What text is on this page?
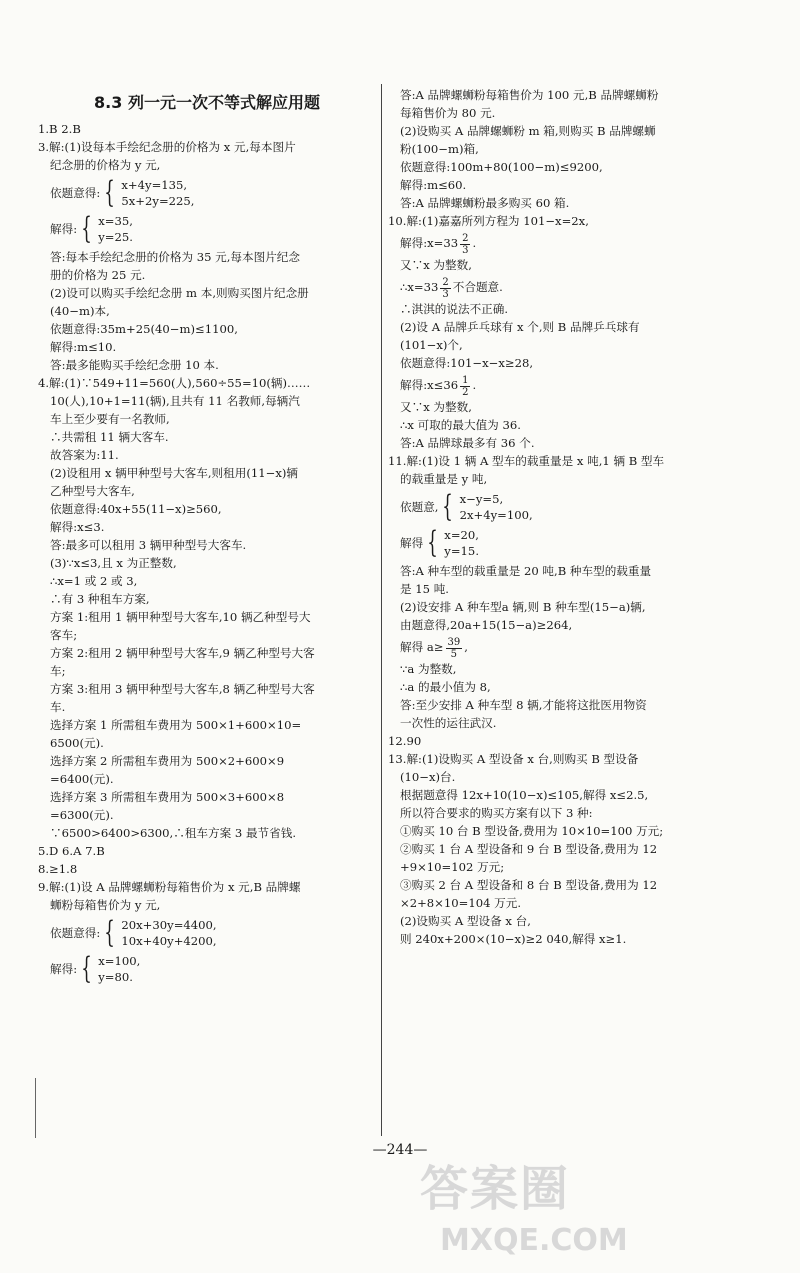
8.3 列一元一次不等式解应用题
1.B 2.B
3.解:(1)设每本手绘纪念册的价格为 x 元,每本图片
纪念册的价格为 y 元,
依题意得: { x+4y=135,
5x+2y=225,
解得: { x=35,
y=25.
答:每本手绘纪念册的价格为 35 元,每本图片纪念
册的价格为 25 元.
(2)设可以购买手绘纪念册 m 本,则购买图片纪念册
(40−m)本,
依题意得:35m+25(40−m)≤1100,
解得:m≤10.
答:最多能购买手绘纪念册 10 本.
4.解:(1)∵549+11=560(人),560÷55=10(辆)……
10(人),10+1=11(辆),且共有 11 名教师,每辆汽
车上至少要有一名教师,
∴共需租 11 辆大客车.
故答案为:11.
(2)设租用 x 辆甲种型号大客车,则租用(11−x)辆
乙种型号大客车,
依题意得:40x+55(11−x)≥560,
解得:x≤3.
答:最多可以租用 3 辆甲种型号大客车.
(3)∵x≤3,且 x 为正整数,
∴x=1 或 2 或 3,
∴有 3 种租车方案,
方案 1:租用 1 辆甲种型号大客车,10 辆乙种型号大
客车;
方案 2:租用 2 辆甲种型号大客车,9 辆乙种型号大客
车;
方案 3:租用 3 辆甲种型号大客车,8 辆乙种型号大客
车.
选择方案 1 所需租车费用为 500×1+600×10=
6500(元).
选择方案 2 所需租车费用为 500×2+600×9
=6400(元).
选择方案 3 所需租车费用为 500×3+600×8
=6300(元).
∵6500>6400>6300,∴租车方案 3 最节省钱.
5.D 6.A 7.B
8.≥1.8
9.解:(1)设 A 品牌螺蛳粉每箱售价为 x 元,B 品牌螺
蛳粉每箱售价为 y 元,
依题意得: { 20x+30y=4400,
10x+40y+4200,
解得: { x=100,
y=80.
答:A 品牌螺蛳粉每箱售价为 100 元,B 品牌螺蛳粉
每箱售价为 80 元.
(2)设购买 A 品牌螺蛳粉 m 箱,则购买 B 品牌螺蛳
粉(100−m)箱,
依题意得:100m+80(100−m)≤9200,
解得:m≤60.
答:A 品牌螺蛳粉最多购买 60 箱.
10.解:(1)嘉嘉所列方程为 101−x=2x,
解得:x=33 $\frac{2}{3}$ .
又∵x 为整数,
∴x=33 $\frac{2}{3}$ 不合题意.
∴淇淇的说法不正确.
(2)设 A 品牌乒乓球有 x 个,则 B 品牌乒乓球有
(101−x)个,
依题意得:101−x−x≥28,
解得:x≤36 $\frac{1}{2}$ .
又∵x 为整数,
∴x 可取的最大值为 36.
答:A 品牌球最多有 36 个.
11.解:(1)设 1 辆 A 型车的载重量是 x 吨,1 辆 B 型车
的载重量是 y 吨,
依题意, { x−y=5,
2x+4y=100,
解得 { x=20,
y=15.
答:A 种车型的载重量是 20 吨,B 种车型的载重量
是 15 吨.
(2)设安排 A 种车型a 辆,则 B 种车型(15−a)辆,
由题意得,20a+15(15−a)≥264,
解得 $a\ge \frac{39}{5}$ ,
∵a 为整数,
∴a 的最小值为 8,
答:至少安排 A 种车型 8 辆,才能将这批医用物资
一次性的运往武汉.
12.90
13.解:(1)设购买 A 型设备 x 台,则购买 B 型设备
(10−x)台.
根据题意得 12x+10(10−x)≤105,解得 x≤2.5,
所以符合要求的购买方案有以下 3 种:
①购买 10 台 B 型设备,费用为 10×10=100 万元;
②购买 1 台 A 型设备和 9 台 B 型设备,费用为 12
+9×10=102 万元;
③购买 2 台 A 型设备和 8 台 B 型设备,费用为 12
×2+8×10=104 万元.
(2)设购买 A 型设备 x 台,
则 240x+200×(10−x)≥2 040,解得 x≥1.
—244—
答案圈
MXQE.COM
